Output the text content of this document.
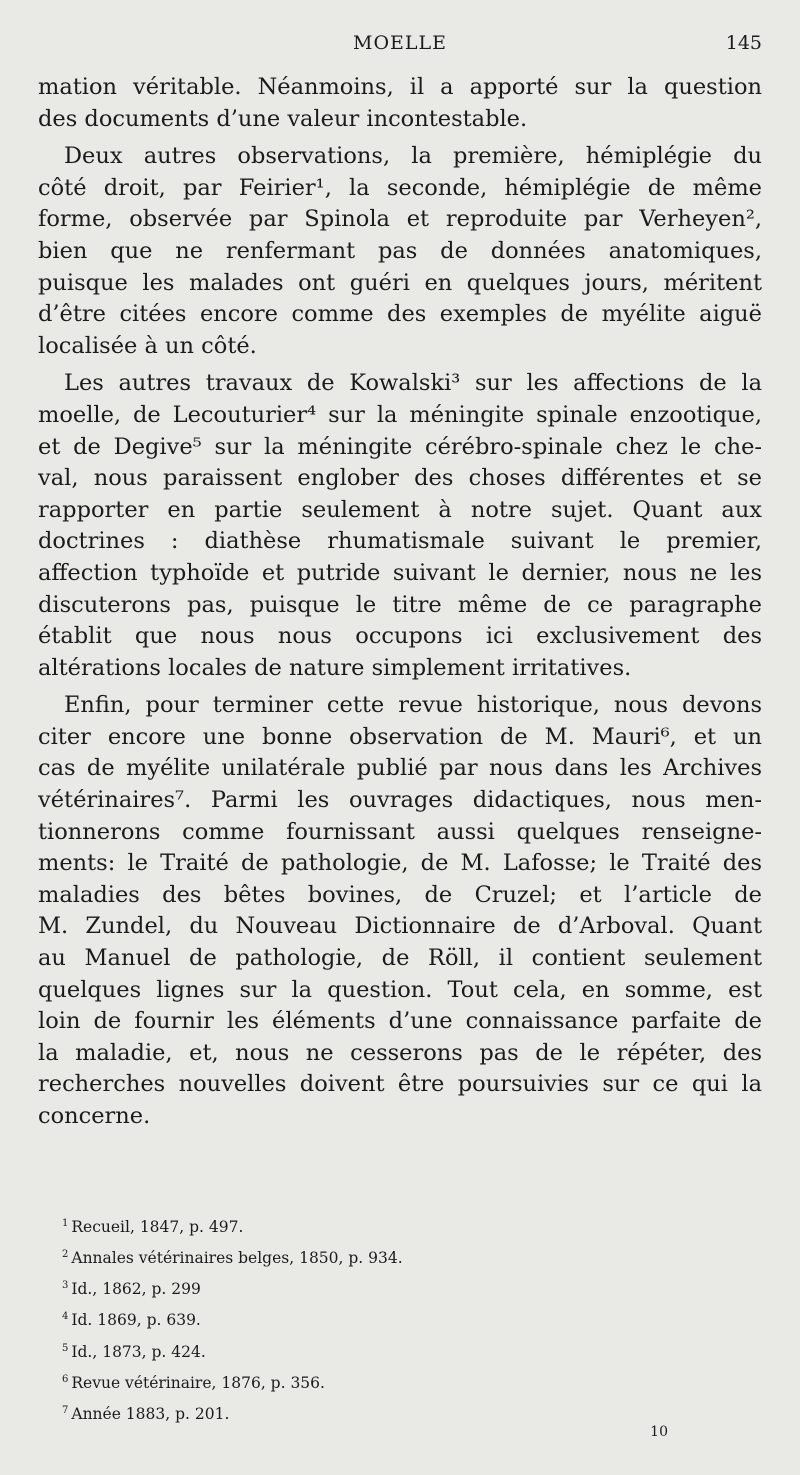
MOELLE	145
mation véritable. Néanmoins, il a apporté sur la question
des documents d’une valeur incontestable.
Deux autres observations, la première, hémiplégie du
côté droit, par Feirier¹, la seconde, hémiplégie de même
forme, observée par Spinola et reproduite par Verheyen²,
bien que ne renfermant pas de données anatomiques,
puisque les malades ont guéri en quelques jours, méritent
d’être citées encore comme des exemples de myélite aiguë
localisée à un côté.
Les autres travaux de Kowalski³ sur les affections de la
moelle, de Lecouturier⁴ sur la méningite spinale enzootique,
et de Degive⁵ sur la méningite cérébro-spinale chez le che-
val, nous paraissent englober des choses différentes et se
rapporter en partie seulement à notre sujet. Quant aux
doctrines : diathèse rhumatismale suivant le premier,
affection typhoïde et putride suivant le dernier, nous ne les
discuterons pas, puisque le titre même de ce paragraphe
établit que nous nous occupons ici exclusivement des
altérations locales de nature simplement irritatives.
Enfin, pour terminer cette revue historique, nous devons
citer encore une bonne observation de M. Mauri⁶, et un
cas de myélite unilatérale publié par nous dans les Archives
vétérinaires⁷. Parmi les ouvrages didactiques, nous men-
tionnerons comme fournissant aussi quelques renseigne-
ments: le Traité de pathologie, de M. Lafosse; le Traité des
maladies des bêtes bovines, de Cruzel; et l’article de
M. Zundel, du Nouveau Dictionnaire de d’Arboval. Quant
au Manuel de pathologie, de Röll, il contient seulement
quelques lignes sur la question. Tout cela, en somme, est
loin de fournir les éléments d’une connaissance parfaite de
la maladie, et, nous ne cesserons pas de le répéter, des
recherches nouvelles doivent être poursuivies sur ce qui la
concerne.
$^1$ Recueil, 1847, p. 497.
$^2$ Annales vétérinaires belges, 1850, p. 934.
$^3$ Id., 1862, p. 299
$^4$ Id. 1869, p. 639.
$^5$ Id., 1873, p. 424.
$^6$ Revue vétérinaire, 1876, p. 356.
$^7$ Année 1883, p. 201.
10
